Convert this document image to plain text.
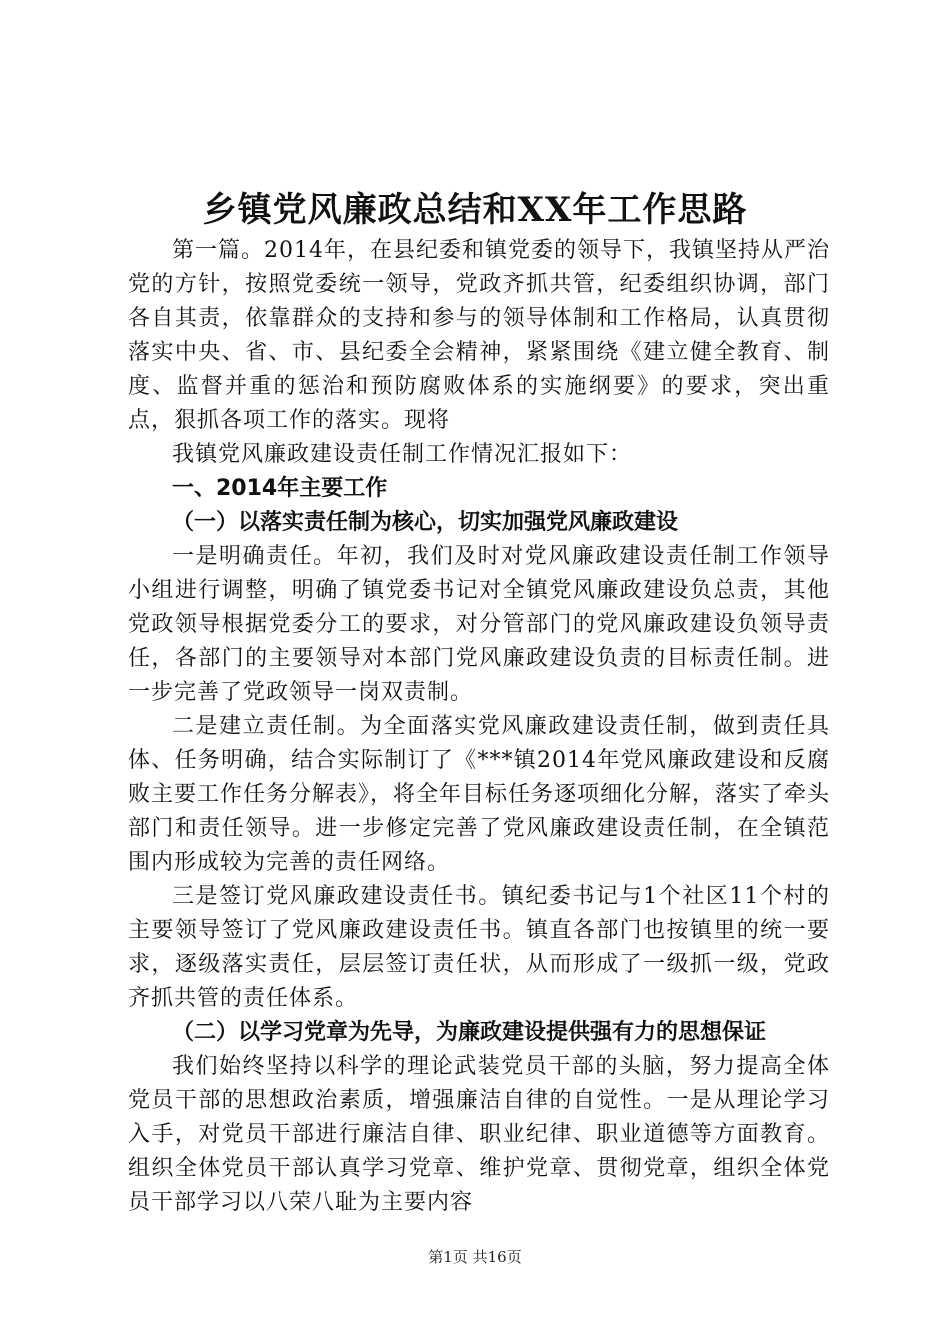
乡镇党风廉政总结和XX年工作思路

第一篇。2014年，在县纪委和镇党委的领导下，我镇坚持从严治党的方针，按照党委统一领导，党政齐抓共管，纪委组织协调，部门各自其责，依靠群众的支持和参与的领导体制和工作格局，认真贯彻落实中央、省、市、县纪委全会精神，紧紧围绕《建立健全教育、制度、监督并重的惩治和预防腐败体系的实施纲要》的要求，突出重点，狠抓各项工作的落实。现将

我镇党风廉政建设责任制工作情况汇报如下：

一、2014年主要工作

（一）以落实责任制为核心，切实加强党风廉政建设

一是明确责任。年初，我们及时对党风廉政建设责任制工作领导小组进行调整，明确了镇党委书记对全镇党风廉政建设负总责，其他党政领导根据党委分工的要求，对分管部门的党风廉政建设负领导责任，各部门的主要领导对本部门党风廉政建设负责的目标责任制。进一步完善了党政领导一岗双责制。

二是建立责任制。为全面落实党风廉政建设责任制，做到责任具体、任务明确，结合实际制订了《***镇2014年党风廉政建设和反腐败主要工作任务分解表》，将全年目标任务逐项细化分解，落实了牵头部门和责任领导。进一步修定完善了党风廉政建设责任制，在全镇范围内形成较为完善的责任网络。

三是签订党风廉政建设责任书。镇纪委书记与1个社区11个村的主要领导签订了党风廉政建设责任书。镇直各部门也按镇里的统一要求，逐级落实责任，层层签订责任状，从而形成了一级抓一级，党政齐抓共管的责任体系。

（二）以学习党章为先导，为廉政建设提供强有力的思想保证

我们始终坚持以科学的理论武装党员干部的头脑，努力提高全体党员干部的思想政治素质，增强廉洁自律的自觉性。一是从理论学习入手，对党员干部进行廉洁自律、职业纪律、职业道德等方面教育。组织全体党员干部认真学习党章、维护党章、贯彻党章，组织全体党员干部学习以八荣八耻为主要内容

第1页 共16页
